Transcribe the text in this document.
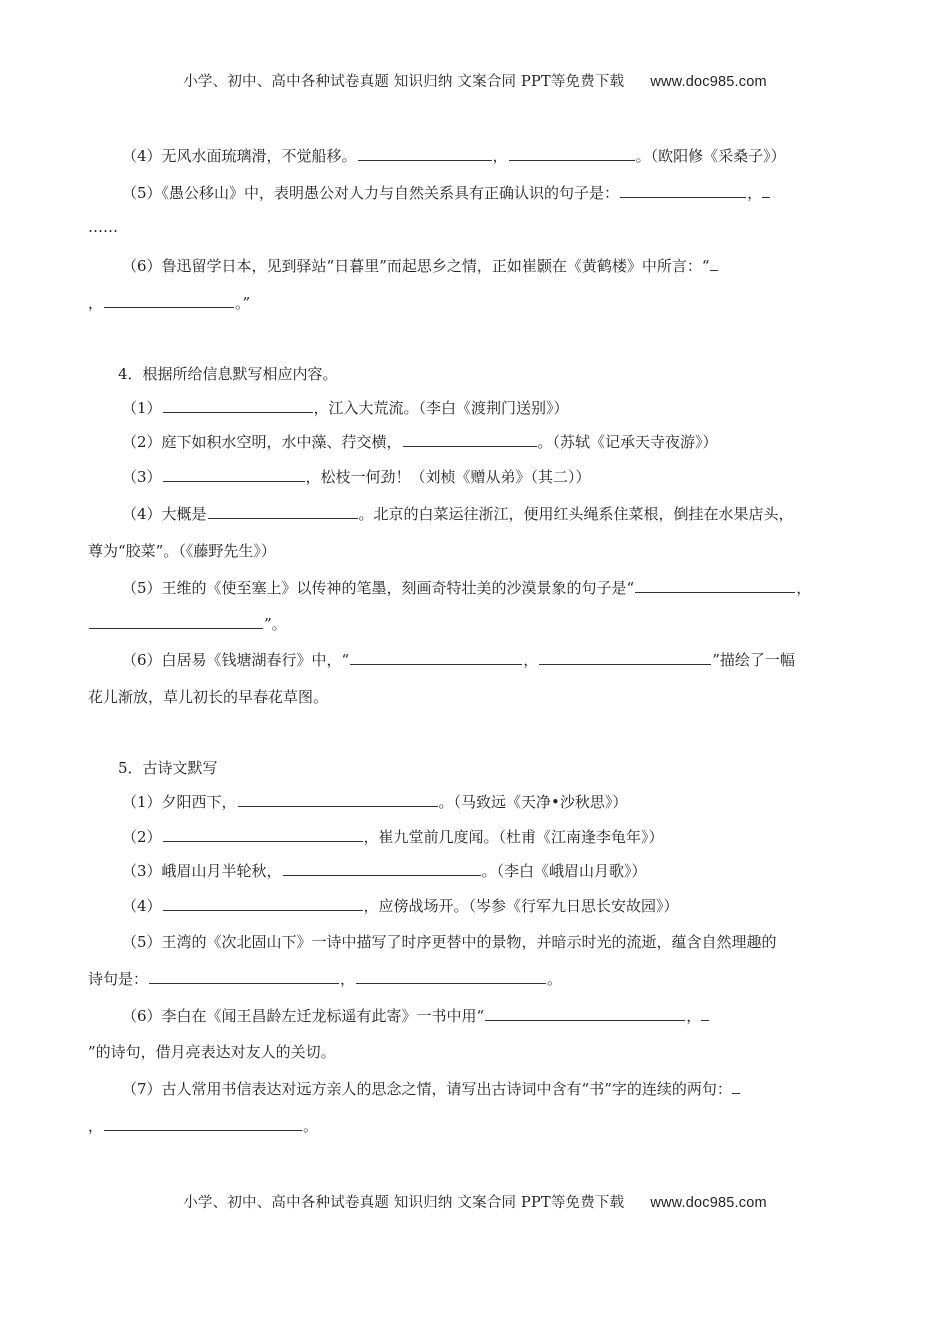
小学、初中、高中各种试卷真题 知识归纳 文案合同 PPT等免费下载 www.doc985.com
（4）无风水面琉璃滑，不觉船移。	，	。（欧阳修《采桑子》）
（5）《愚公移山》中，表明愚公对人力与自然关系具有正确认识的句子是：	，
……
（6）鲁迅留学日本，见到驿站“日暮里”而起思乡之情，正如崔颢在《黄鹤楼》中所言：“
，	。”
4．根据所给信息默写相应内容。
（1）	，江入大荒流。（李白《渡荆门送别》）
（2）庭下如积水空明，水中藻、荇交横，	。（苏轼《记承天寺夜游》）
（3）	，松枝一何劲！（刘桢《赠从弟》（其二））
（4）大概是	。北京的白菜运往浙江，便用红头绳系住菜根，倒挂在水果店头，
尊为“胶菜”。（《藤野先生》）
（5）王维的《使至塞上》以传神的笔墨，刻画奇特壮美的沙漠景象的句子是“	，
”。
（6）白居易《钱塘湖春行》中，“	，	”描绘了一幅
花儿渐放，草儿初长的早春花草图。
5．古诗文默写
（1）夕阳西下，	。（马致远《天净•沙秋思》）
（2）	，崔九堂前几度闻。（杜甫《江南逢李龟年》）
（3）峨眉山月半轮秋，	。（李白《峨眉山月歌》）
（4）	，应傍战场开。（岑参《行军九日思长安故园》）
（5）王湾的《次北固山下》一诗中描写了时序更替中的景物，并暗示时光的流逝，蕴含自然理趣的
诗句是：	，	。
（6）李白在《闻王昌龄左迁龙标遥有此寄》一书中用“	，
”的诗句，借月亮表达对友人的关切。
（7）古人常用书信表达对远方亲人的思念之情，请写出古诗词中含有“书”字的连续的两句：
，	。
小学、初中、高中各种试卷真题 知识归纳 文案合同 PPT等免费下载 www.doc985.com
